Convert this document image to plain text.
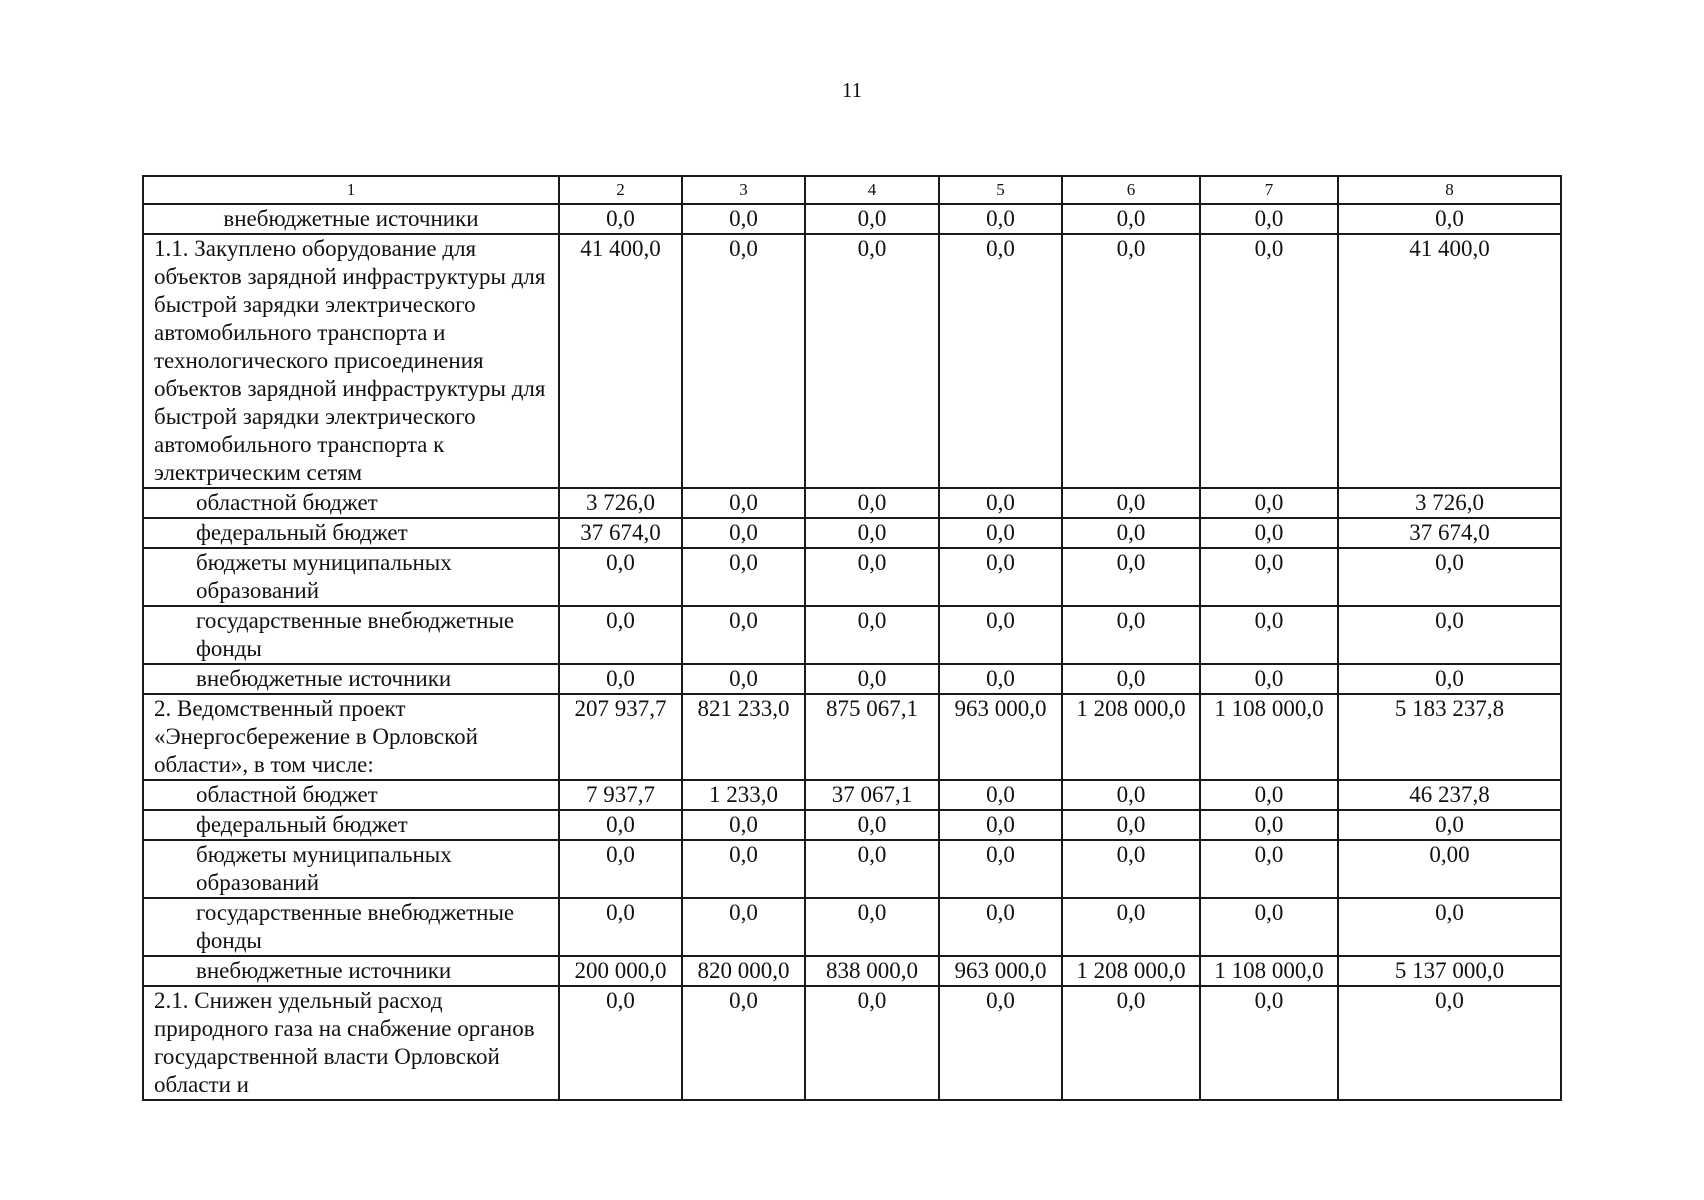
11
1	2	3	4	5	6	7	8
внебюджетные источники	0,0	0,0	0,0	0,0	0,0	0,0	0,0
1.1. Закуплено оборудование для объектов зарядной инфраструктуры для быстрой зарядки электрического автомобильного транспорта и технологического присоединения объектов зарядной инфраструктуры для быстрой зарядки электрического автомобильного транспорта к электрическим сетям	41 400,0	0,0	0,0	0,0	0,0	0,0	41 400,0
областной бюджет	3 726,0	0,0	0,0	0,0	0,0	0,0	3 726,0
федеральный бюджет	37 674,0	0,0	0,0	0,0	0,0	0,0	37 674,0
бюджеты муниципальных образований	0,0	0,0	0,0	0,0	0,0	0,0	0,0
государственные внебюджетные фонды	0,0	0,0	0,0	0,0	0,0	0,0	0,0
внебюджетные источники	0,0	0,0	0,0	0,0	0,0	0,0	0,0
2. Ведомственный проект «Энергосбережение в Орловской области», в том числе:	207 937,7	821 233,0	875 067,1	963 000,0	1 208 000,0	1 108 000,0	5 183 237,8
областной бюджет	7 937,7	1 233,0	37 067,1	0,0	0,0	0,0	46 237,8
федеральный бюджет	0,0	0,0	0,0	0,0	0,0	0,0	0,0
бюджеты муниципальных образований	0,0	0,0	0,0	0,0	0,0	0,0	0,00
государственные внебюджетные фонды	0,0	0,0	0,0	0,0	0,0	0,0	0,0
внебюджетные источники	200 000,0	820 000,0	838 000,0	963 000,0	1 208 000,0	1 108 000,0	5 137 000,0
2.1. Снижен удельный расход природного газа на снабжение органов государственной власти Орловской области и	0,0	0,0	0,0	0,0	0,0	0,0	0,0
